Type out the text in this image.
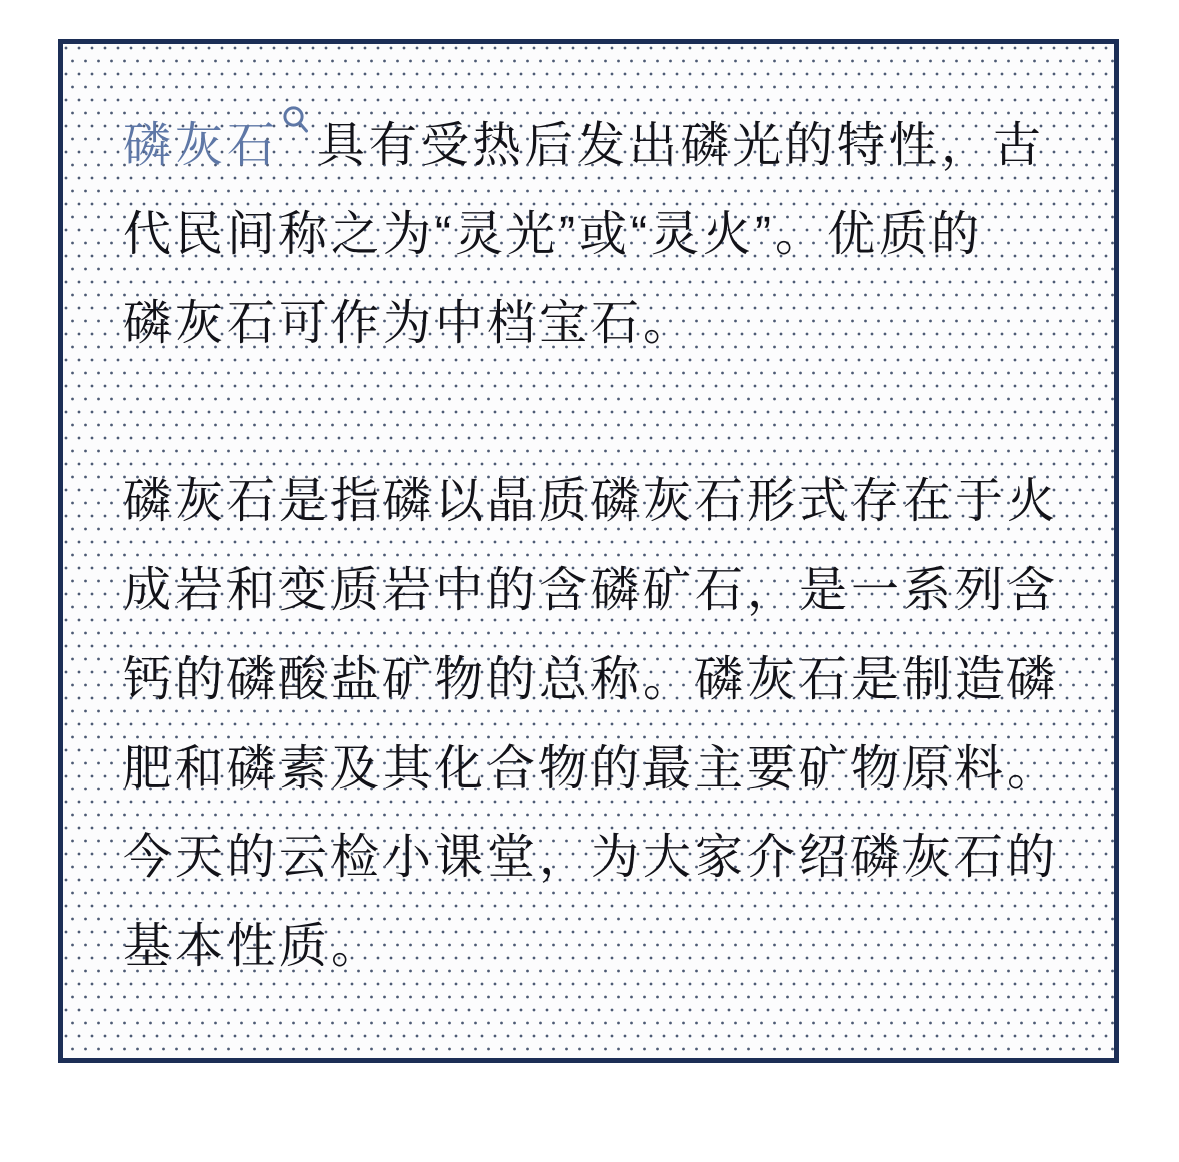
磷灰石 具有受热后发出磷光的特性，古
代民间称之为“灵光”或“灵火”。优质的
磷灰石可作为中档宝石。

磷灰石是指磷以晶质磷灰石形式存在于火
成岩和变质岩中的含磷矿石，是一系列含
钙的磷酸盐矿物的总称。磷灰石是制造磷
肥和磷素及其化合物的最主要矿物原料。
今天的云检小课堂，为大家介绍磷灰石的
基本性质。
